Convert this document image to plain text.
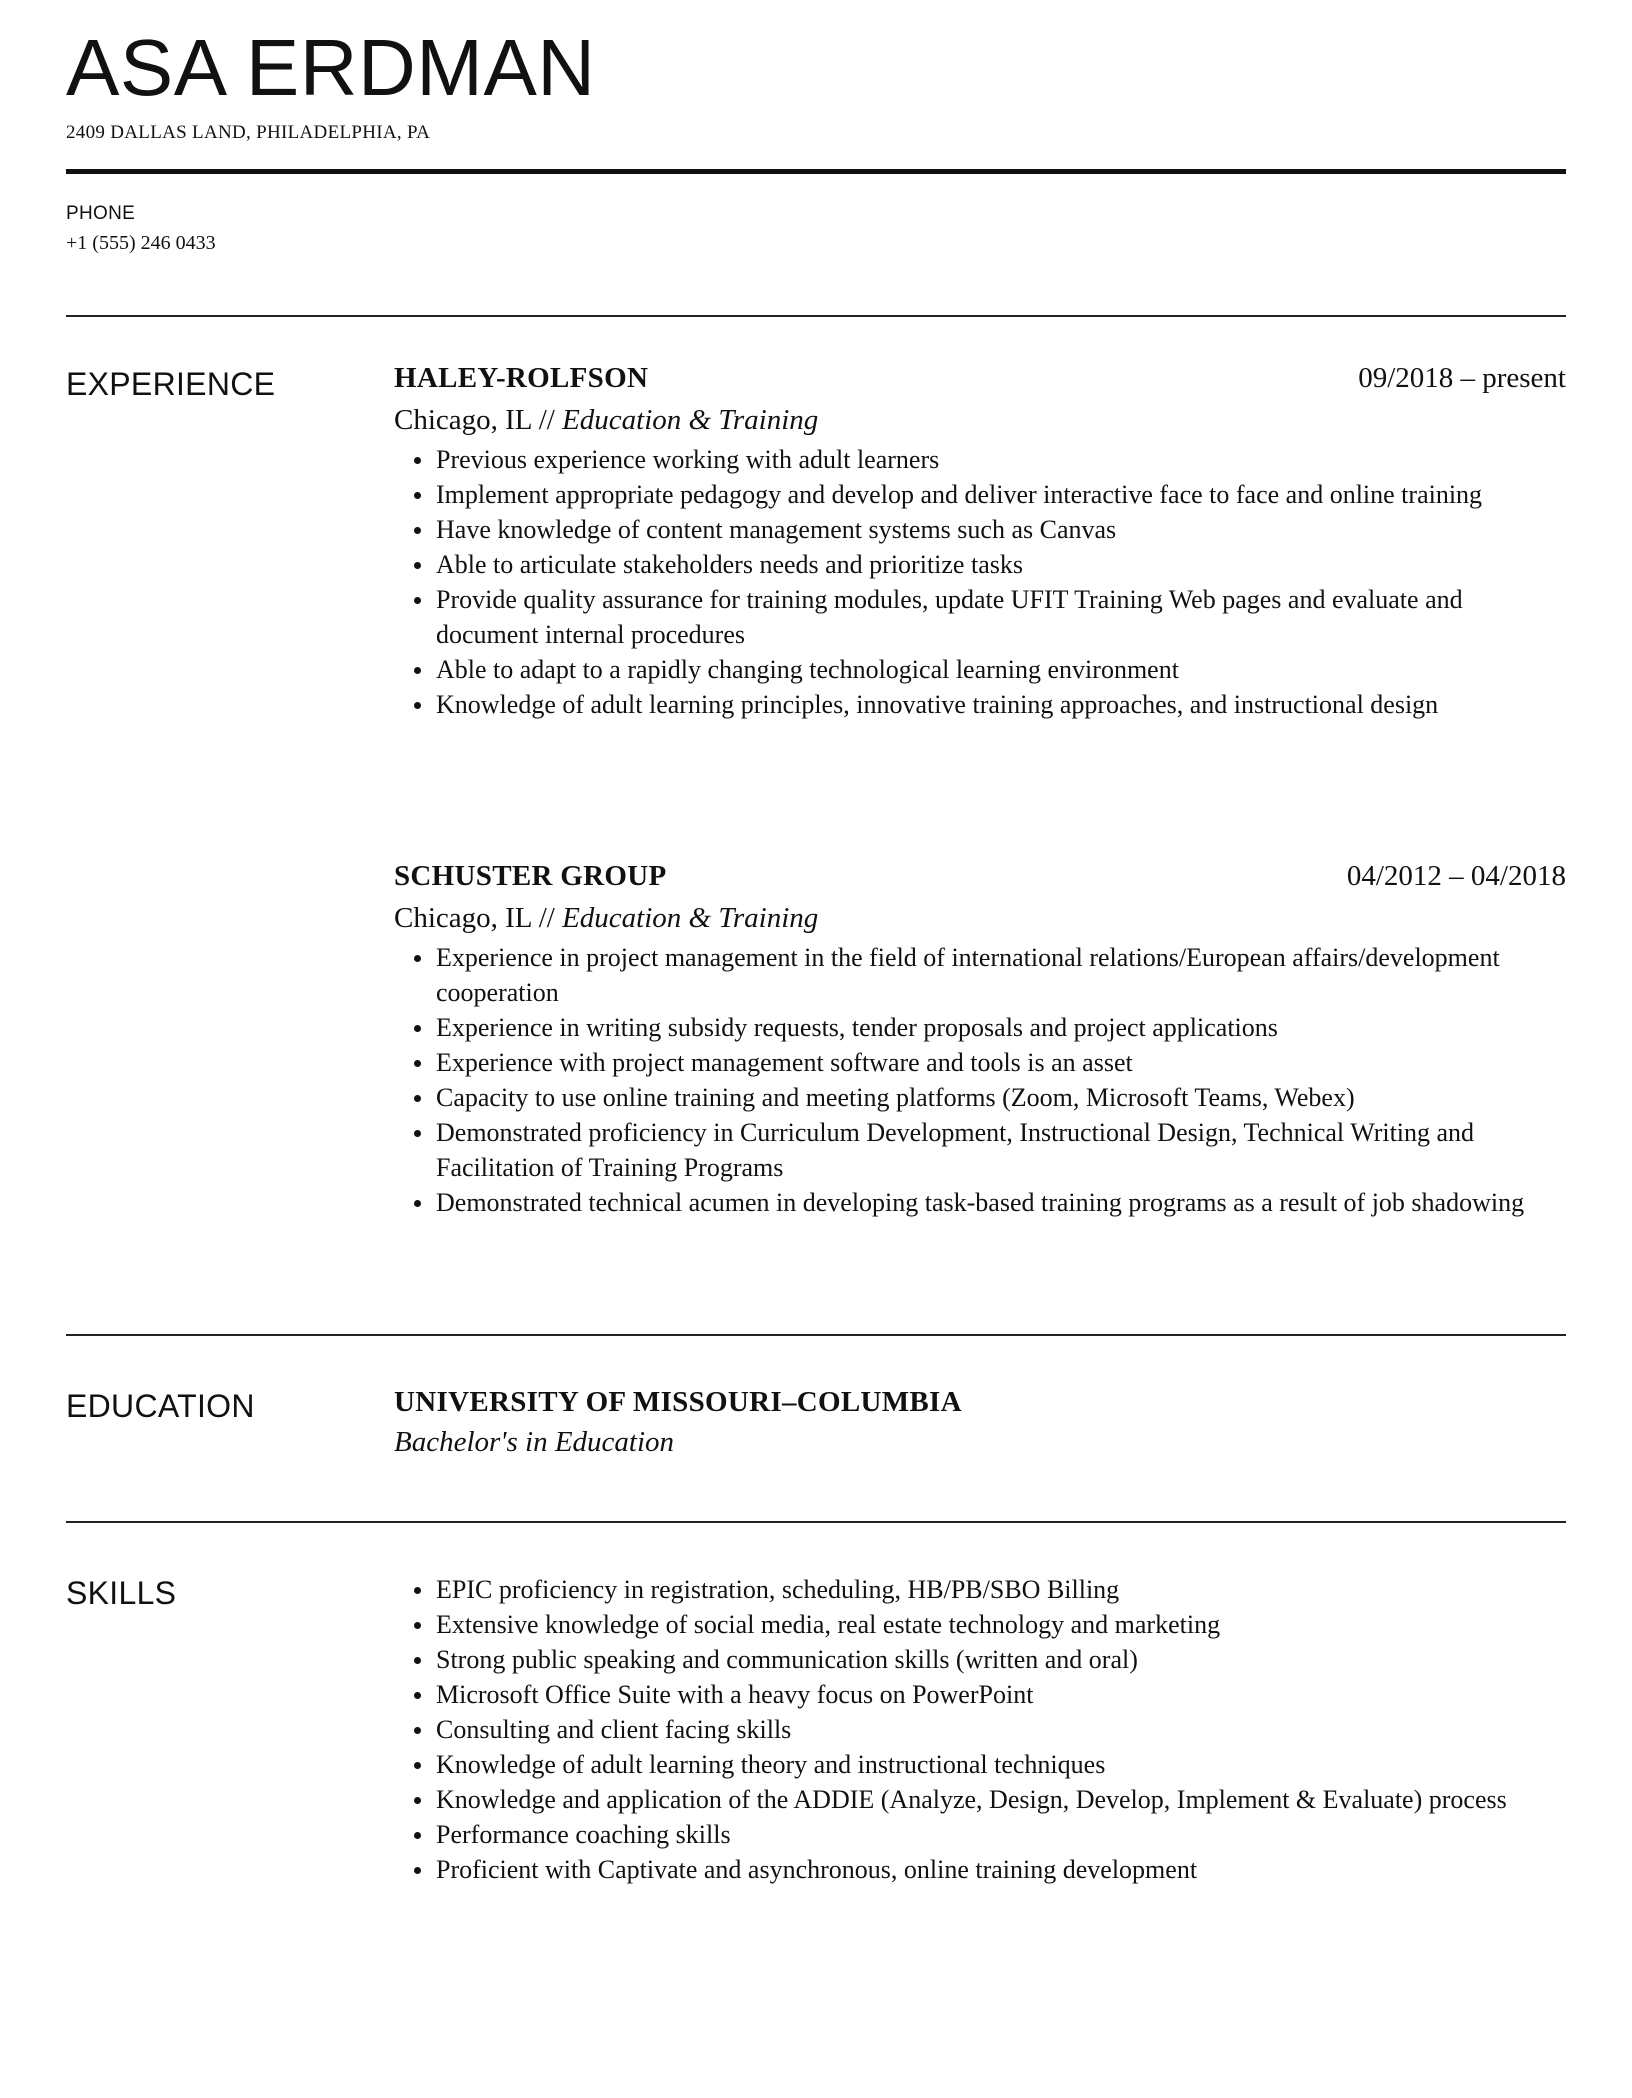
ASA ERDMAN
2409 DALLAS LAND, PHILADELPHIA, PA
PHONE
+1 (555) 246 0433
EXPERIENCE	HALEY-ROLFSON	09/2018 – present
Chicago, IL // Education & Training
Previous experience working with adult learners
Implement appropriate pedagogy and develop and deliver interactive face to face and online training
Have knowledge of content management systems such as Canvas
Able to articulate stakeholders needs and prioritize tasks
Provide quality assurance for training modules, update UFIT Training Web pages and evaluate and document internal procedures
Able to adapt to a rapidly changing technological learning environment
Knowledge of adult learning principles, innovative training approaches, and instructional design
SCHUSTER GROUP	04/2012 – 04/2018
Chicago, IL // Education & Training
Experience in project management in the field of international relations/European affairs/development cooperation
Experience in writing subsidy requests, tender proposals and project applications
Experience with project management software and tools is an asset
Capacity to use online training and meeting platforms (Zoom, Microsoft Teams, Webex)
Demonstrated proficiency in Curriculum Development, Instructional Design, Technical Writing and Facilitation of Training Programs
Demonstrated technical acumen in developing task-based training programs as a result of job shadowing
EDUCATION	UNIVERSITY OF MISSOURI–COLUMBIA
Bachelor's in Education
SKILLS	EPIC proficiency in registration, scheduling, HB/PB/SBO Billing
Extensive knowledge of social media, real estate technology and marketing
Strong public speaking and communication skills (written and oral)
Microsoft Office Suite with a heavy focus on PowerPoint
Consulting and client facing skills
Knowledge of adult learning theory and instructional techniques
Knowledge and application of the ADDIE (Analyze, Design, Develop, Implement & Evaluate) process
Performance coaching skills
Proficient with Captivate and asynchronous, online training development
